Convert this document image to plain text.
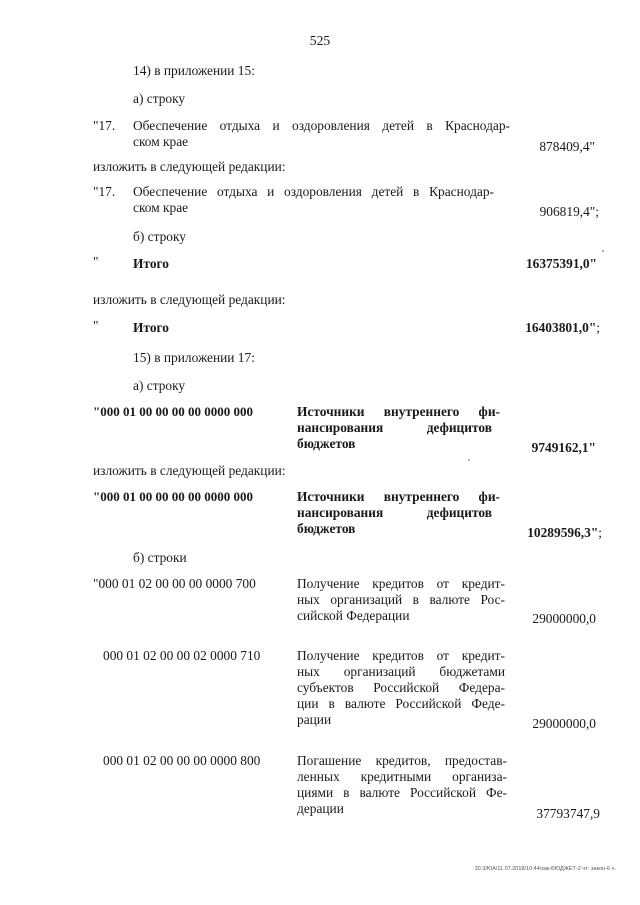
525
14) в приложении 15:
а) строку
"17. Обеспечение отдыха и оздоровления детей в Краснодар-
ском крае	878409,4"
изложить в следующей редакции:
"17. Обеспечение отдыха и оздоровления детей в Краснодар-
ском крае	906819,4";
б) строку
"	Итого	16375391,0"
изложить в следующей редакции:
"	Итого	16403801,0";
15) в приложении 17:
а) строку
"000 01 00 00 00 00 0000 000	Источники внутреннего фи-
нансирования дефицитов
бюджетов	9749162,1"
изложить в следующей редакции:
"000 01 00 00 00 00 0000 000	Источники внутреннего фи-
нансирования дефицитов
бюджетов	10289596,3";
б) строки
"000 01 02 00 00 00 0000 700	Получение кредитов от кредит-
ных организаций в валюте Рос-
сийской Федерации	29000000,0
000 01 02 00 00 02 0000 710	Получение кредитов от кредит-
ных организаций бюджетами
субъектов Российской Федера-
ции в валюте Российской Феде-
рации	29000000,0
000 01 02 00 00 00 0000 800	Погашение кредитов, предостав-
ленных кредитными организа-
циями в валюте Российской Фе-
дерации	37793747,9
20.3/ЮА/11.07.2018/10:44/зак-БЮДЖЕТ-2 чт- закон-6 ч.
